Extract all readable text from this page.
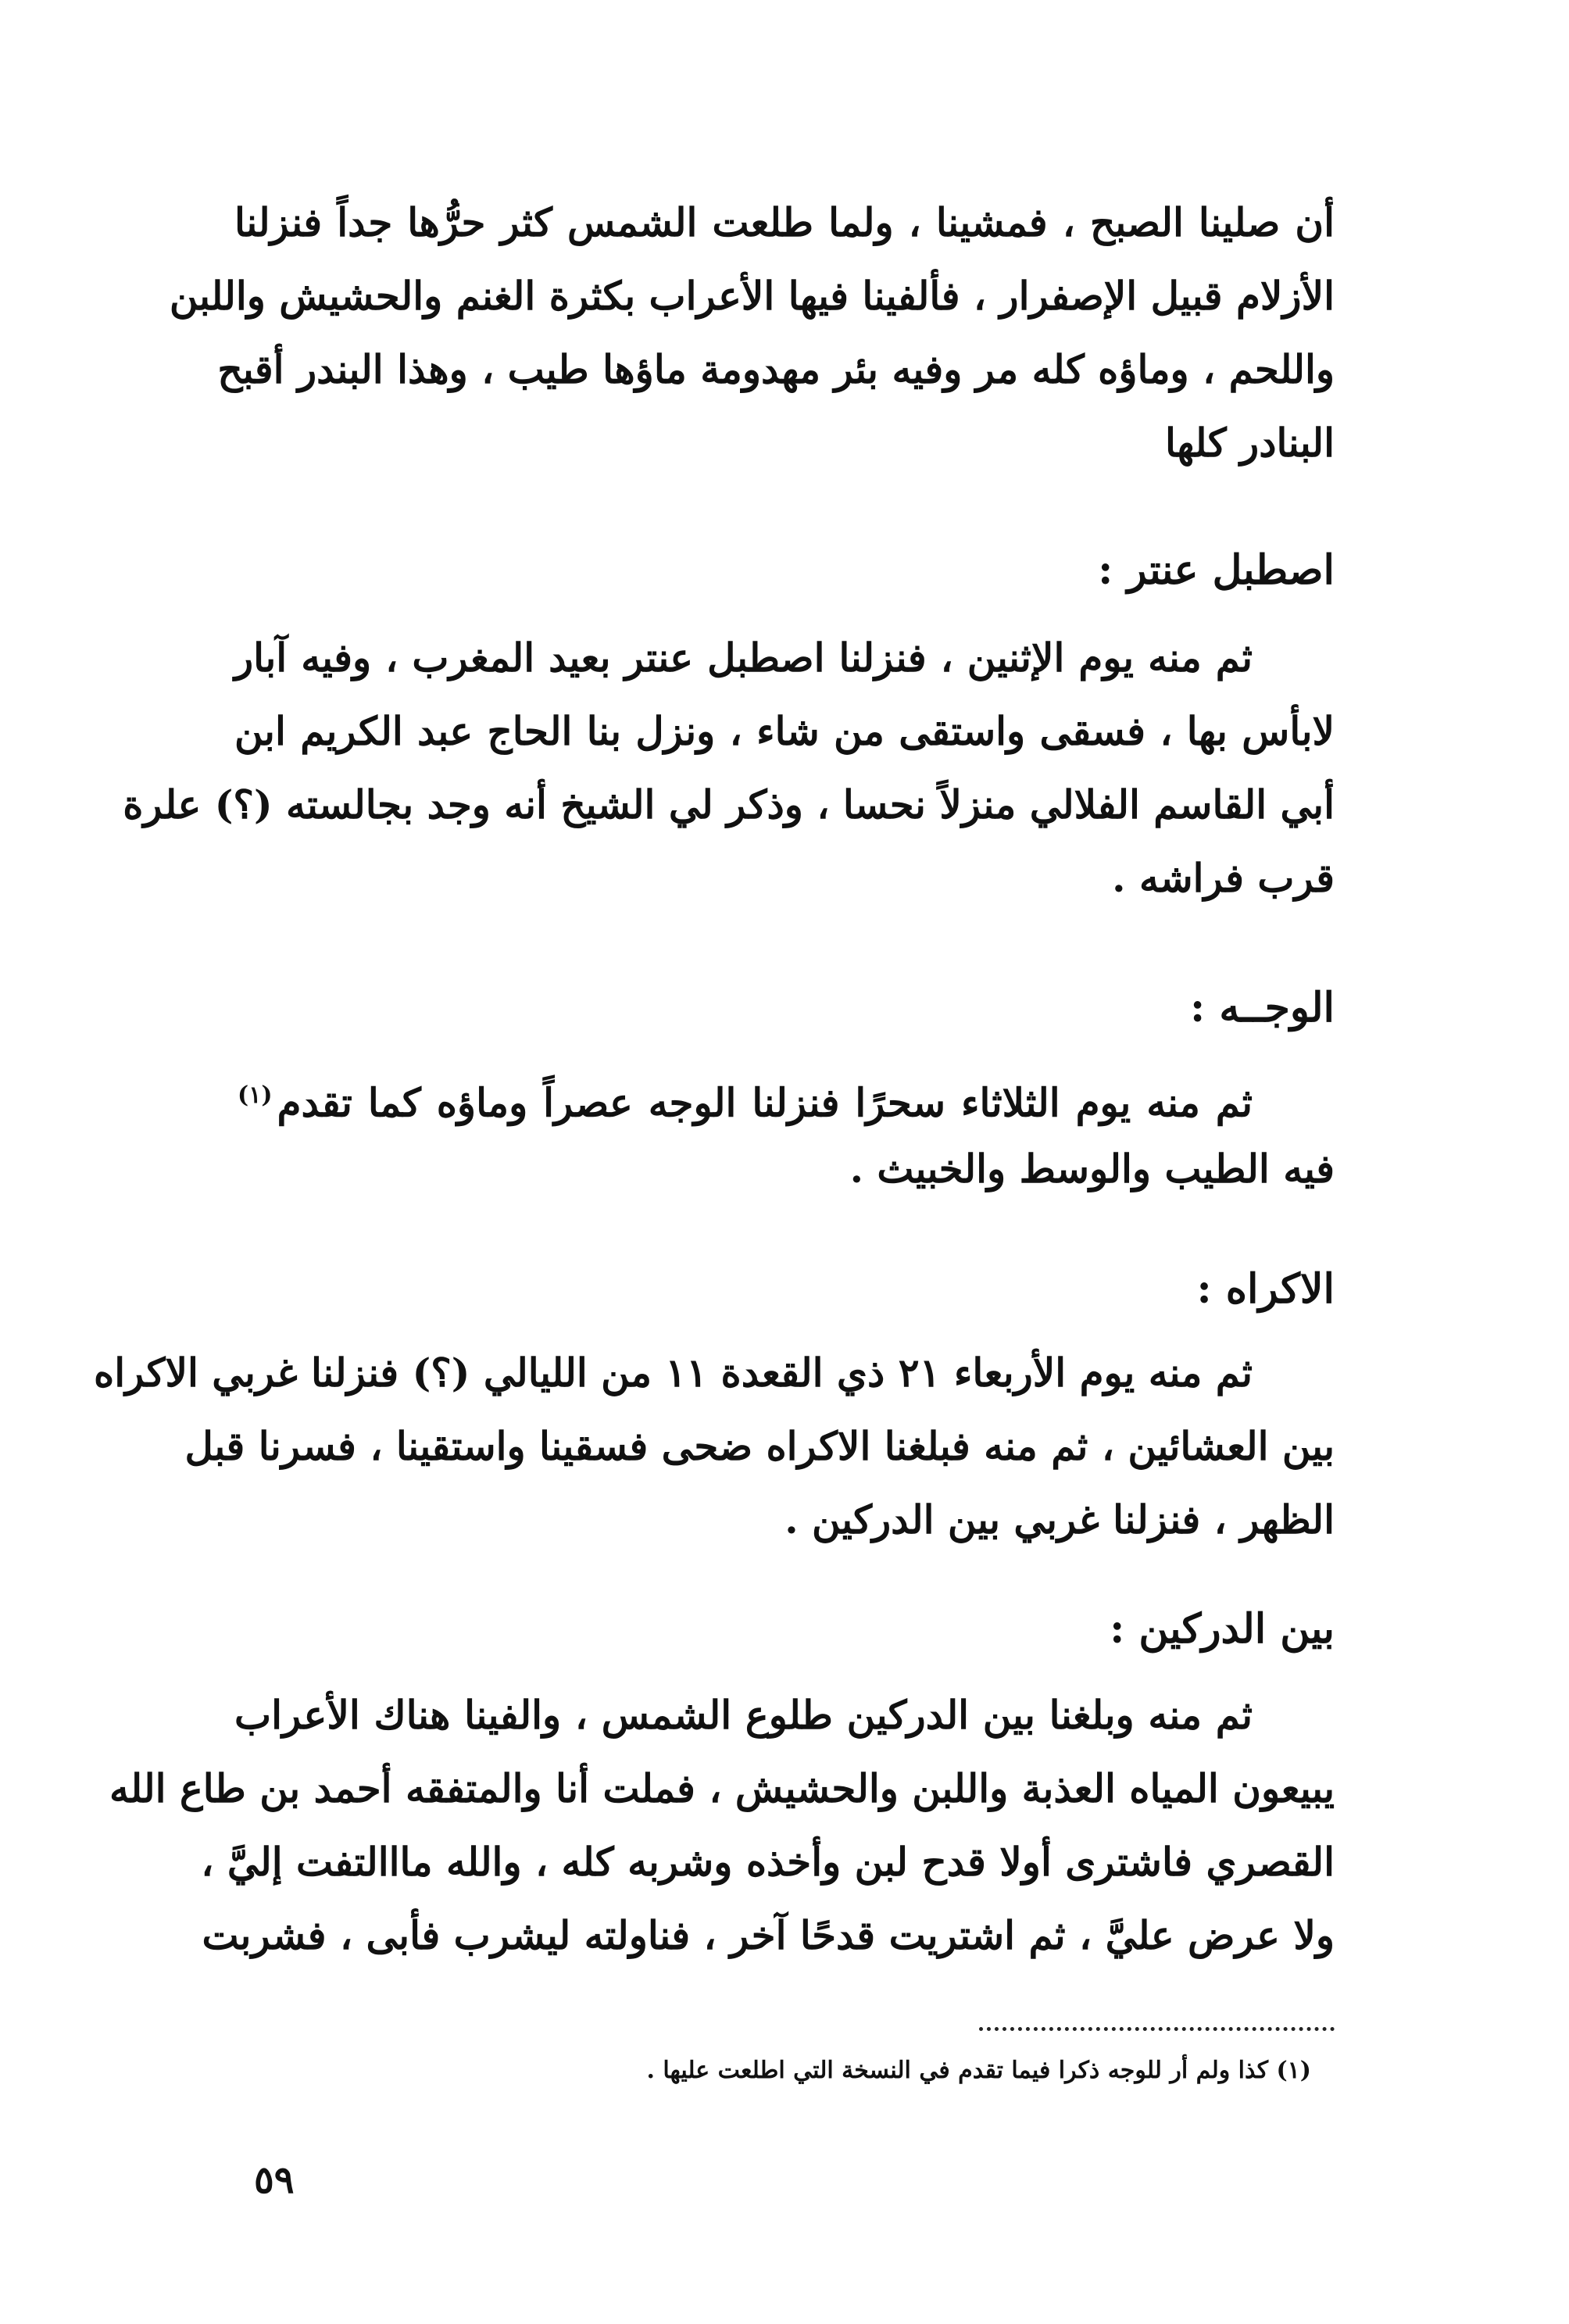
أن صلينا الصبح ، فمشينا ، ولما طلعت الشمس كثر حرُّها جداً فنزلنا
الأزلام قبيل الإصفرار ، فألفينا فيها الأعراب بكثرة الغنم والحشيش واللبن
واللحم ، وماؤه كله مر وفيه بئر مهدومة ماؤها طيب ، وهذا البندر أقبح
البنادر كلها
اصطبل عنتر :
ثم منه يوم الإثنين ، فنزلنا اصطبل عنتر بعيد المغرب ، وفيه آبار
لابأس بها ، فسقى واستقى من شاء ، ونزل بنا الحاج عبد الكريم ابن
أبي القاسم الفلالي منزلاً نحسا ، وذكر لي الشيخ أنه وجد بجالسته (؟) علرة
قرب فراشه .
الوجــه :
ثم منه يوم الثلاثاء سحرًا فنزلنا الوجه عصراً وماؤه كما تقدم$^{(١)}$
فيه الطيب والوسط والخبيث .
الاكراه :
ثم منه يوم الأربعاء ٢١ ذي القعدة ١١ من الليالي (؟) فنزلنا غربي الاكراه
بين العشائين ، ثم منه فبلغنا الاكراه ضحى فسقينا واستقينا ، فسرنا قبل
الظهر ، فنزلنا غربي بين الدركين .
بين الدركين :
ثم منه وبلغنا بين الدركين طلوع الشمس ، والفينا هناك الأعراب
يبيعون المياه العذبة واللبن والحشيش ، فملت أنا والمتفقه أحمد بن طاع الله
القصري فاشترى أولا قدح لبن وأخذه وشربه كله ، والله مااالتفت إليَّ ،
ولا عرض عليَّ ، ثم اشتريت قدحًا آخر ، فناولته ليشرب فأبى ، فشربت
(١) كذا ولم أر للوجه ذكرا فيما تقدم في النسخة التي اطلعت عليها .
٥٩
